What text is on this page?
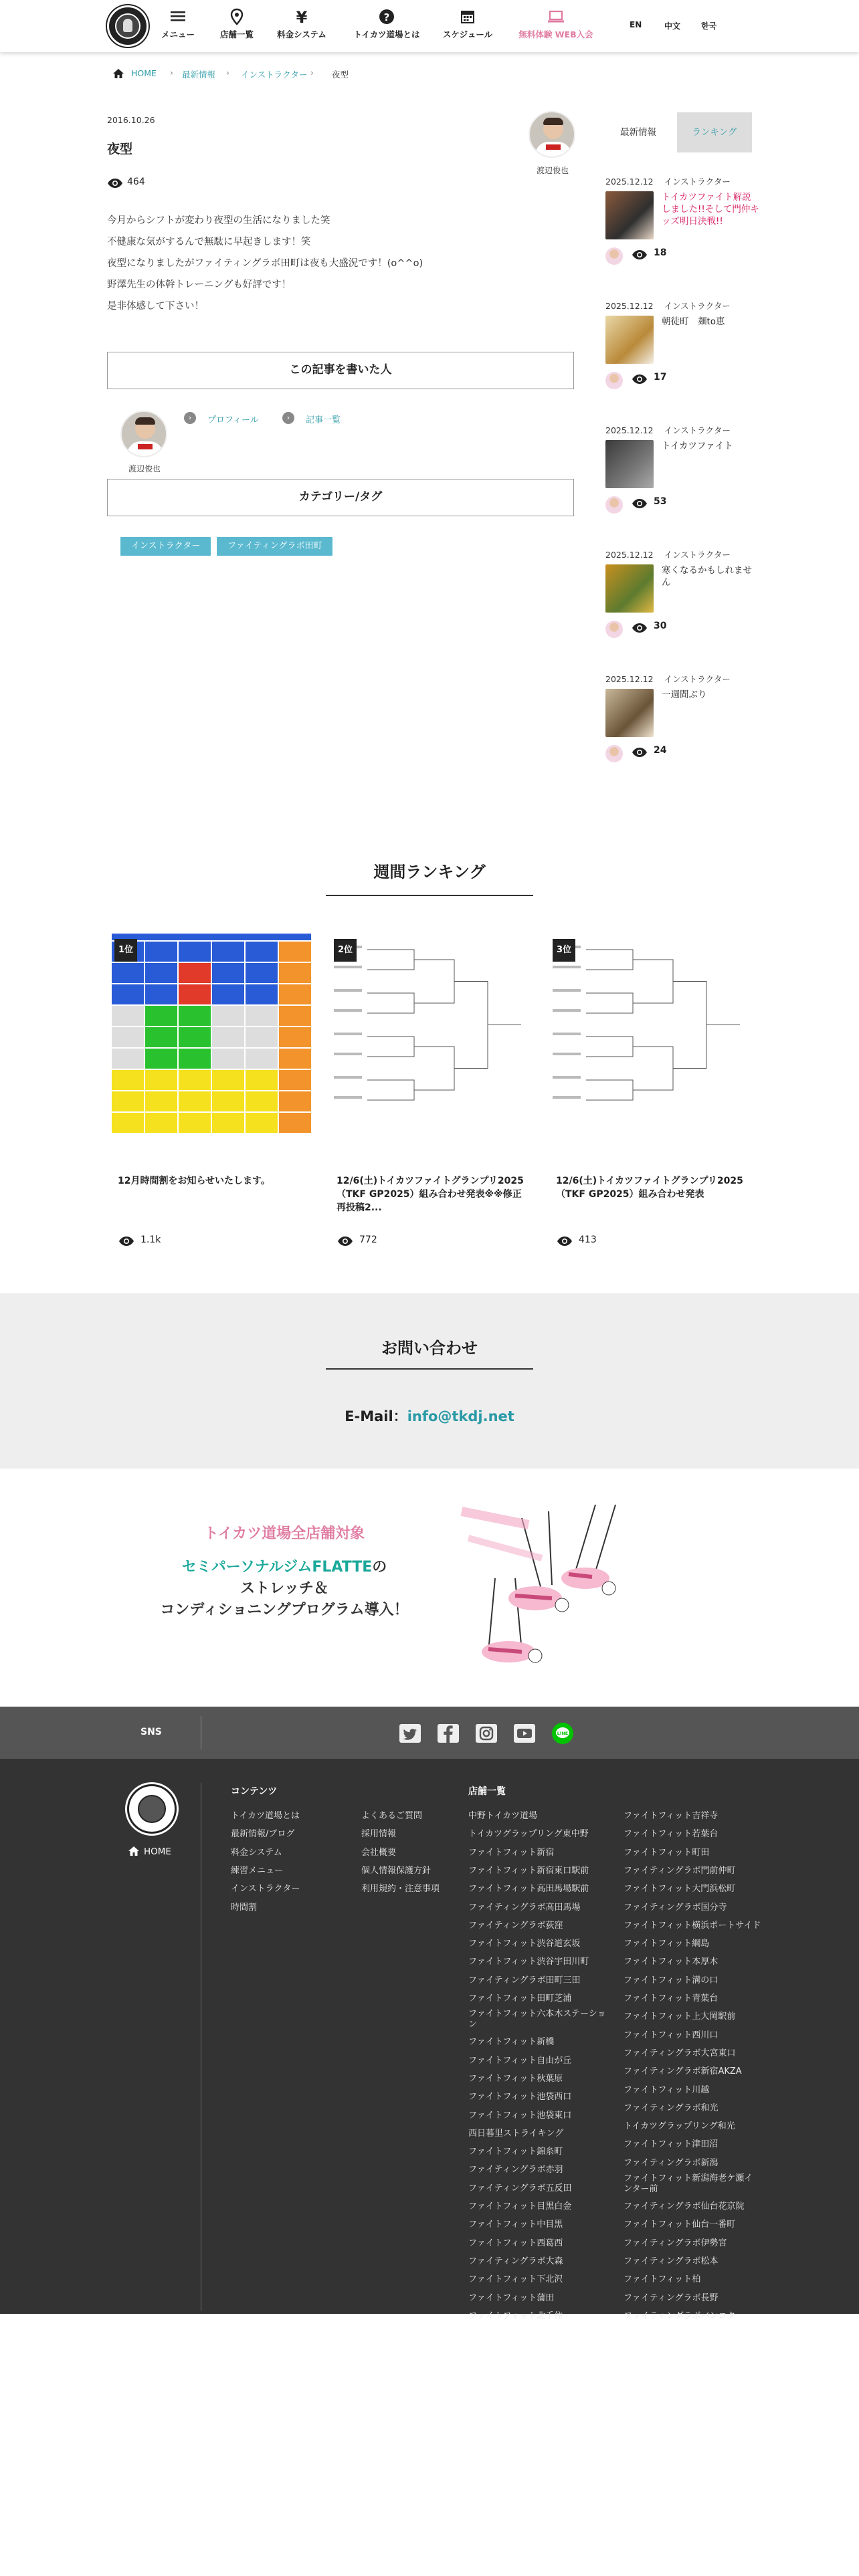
メニュー	店舗一覧
¥
料金システム
?
トイカツ道場とは	スケジュール	無料体験 WEB入会
EN	中文	한국
HOME › 最新情報 › インストラクター › 夜型
2016.10.26
夜型
464
渡辺俊也
今月からシフトが変わり夜型の生活になりました笑
不健康な気がするんで無駄に早起きします！笑
夜型になりましたがファイティングラボ田町は夜も大盛況です！(o^^o)
野澤先生の体幹トレーニングも好評です！
是非体感して下さい！
この記事を書いた人
渡辺俊也
›	プロフィール	›	記事一覧
カテゴリー/タグ
インストラクター	ファイティングラボ田町
最新情報	ランキング
2025.12.12 インストラクター
トイカツファイト解説しました!!そして門仲キッズ明日決戦!!
18
2025.12.12 インストラクター
朝徒町　麺to恵
17
2025.12.12 インストラクター
トイカツファイト
53
2025.12.12 インストラクター
寒くなるかもしれません
30
2025.12.12 インストラクター
一週間ぶり
24
週間ランキング
1位	2位	3位
12月時間割をお知らせいたします。	12/6(土)トイカツファイトグランプリ2025（TKF GP2025）組み合わせ発表※※修正再投稿2...
12/6(土)トイカツファイトグランプリ2025（TKF GP2025）組み合わせ発表
1.1k	772	413
お問い合わせ
E-Mail：info@tkdj.net
トイカツ道場全店舗対象
セミパーソナルジムFLATTEの
ストレッチ＆
コンディショニングプログラム導入！
SNS	LINE
HOME
©TKDJ
コンテンツ	店舗一覧
トイカツ道場とは
最新情報/ブログ
料金システム
練習メニュー
インストラクター
時間割
よくあるご質問
採用情報
会社概要
個人情報保護方針
利用規約・注意事項
中野トイカツ道場
トイカツグラップリング東中野
ファイトフィット新宿
ファイトフィット新宿東口駅前
ファイトフィット高田馬場駅前
ファイティングラボ高田馬場
ファイティングラボ荻窪
ファイトフィット渋谷道玄坂
ファイトフィット渋谷宇田川町
ファイティングラボ田町三田
ファイトフィット田町芝浦
ファイトフィット六本木ステーション
ファイトフィット新橋
ファイトフィット自由が丘
ファイトフィット秋葉原
ファイトフィット池袋西口
ファイトフィット池袋東口
西日暮里ストライキング
ファイトフィット錦糸町
ファイティングラボ赤羽
ファイティングラボ五反田
ファイトフィット目黒白金
ファイトフィット中目黒
ファイトフィット西葛西
ファイティングラボ大森
ファイトフィット下北沢
ファイトフィット蒲田
ファイトフィット北千住
ファイトフィット吉祥寺
ファイトフィット若葉台
ファイトフィット町田
ファイティングラボ門前仲町
ファイトフィット大門浜松町
ファイティングラボ国分寺
ファイトフィット横浜ポートサイド
ファイトフィット綱島
ファイトフィット本厚木
ファイトフィット溝の口
ファイトフィット青葉台
ファイトフィット上大岡駅前
ファイトフィット西川口
ファイティングラボ大宮東口
ファイティングラボ新宿AKZA
ファイトフィット川越
ファイティングラボ和光
トイカツグラップリング和光
ファイトフィット津田沼
ファイティングラボ新潟
ファイトフィット新潟海老ケ瀬インター前
ファイティングラボ仙台花京院
ファイトフィット仙台一番町
ファイティングラボ伊勢宮
ファイティングラボ松本
ファイトフィット柏
ファイティングラボ長野
ファイティングラボバンコク
